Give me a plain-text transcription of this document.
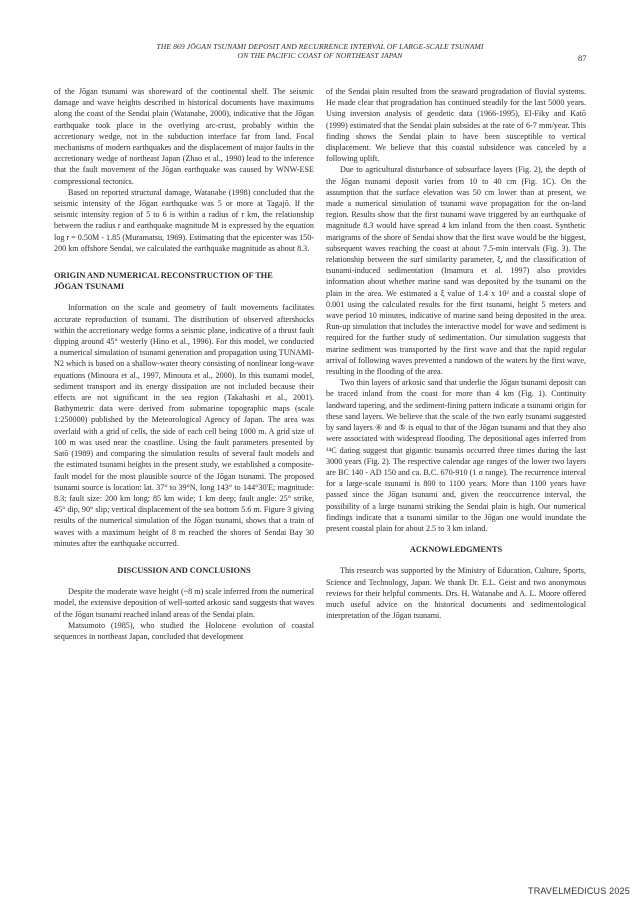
THE 869 JŌGAN TSUNAMI DEPOSIT AND RECURRENCE INTERVAL OF LARGE-SCALE TSUNAMI
ON THE PACIFIC COAST OF NORTHEAST JAPAN	87

of the Jōgan tsunami was shoreward of the continental shelf. The seismic damage and wave heights described in historical documents have maximums along the coast of the Sendai plain (Watanabe, 2000), indicative that the Jōgan earthquake took place in the overlying arc-crust, probably within the accretionary wedge, not in the subduction interface far from land. Focal mechanisms of modern earthquakes and the displacement of major faults in the accretionary wedge of northeast Japan (Zhao et al., 1990) lead to the inference that the fault movement of the Jōgan earthquake was caused by WNW-ESE compressional tectonics.

Based on reported structural damage, Watanabe (1998) concluded that the seismic intensity of the Jōgan earthquake was 5 or more at Tagajō. If the seismic intensity region of 5 to 6 is within a radius of r km, the relationship between the radius r and earthquake magnitude M is expressed by the equation log r = 0.50M - 1.85 (Muramatsu, 1969). Estimating that the epicenter was 150-200 km offshore Sendai, we calculated the earthquake magnitude as about 8.3.

ORIGIN AND NUMERICAL RECONSTRUCTION OF THE
JŌGAN TSUNAMI

Information on the scale and geometry of fault movements facilitates accurate reproduction of tsunami. The distribution of observed aftershocks within the accretionary wedge forms a seismic plane, indicative of a thrust fault dipping around 45° westerly (Hino et al., 1996). For this model, we conducted a numerical simulation of tsunami generation and propagation using TUNAMI-N2 which is based on a shallow-water theory consisting of nonlinear long-wave equations (Minoura et al., 1997, Minoura et al., 2000). In this tsunami model, sediment transport and its energy dissipation are not included because their effects are not significant in the sea region (Takahashi et al., 2001). Bathymetric data were derived from submarine topographic maps (scale 1:250000) published by the Meteorological Agency of Japan. The area was overlaid with a grid of cells, the side of each cell being 1000 m. A grid size of 100 m was used near the coastline. Using the fault parameters presented by Satō (1989) and comparing the simulation results of several fault models and the estimated tsunami heights in the present study, we established a composite-fault model for the most plausible source of the Jōgan tsunami. The proposed tsunami source is location: lat. 37° to 39°N, long 143° to 144°30'E; magnitude: 8.3; fault size: 200 km long; 85 km wide; 1 km deep; fault angle: 25° strike, 45° dip, 90° slip; vertical displacement of the sea bottom 5.6 m. Figure 3 giving results of the numerical simulation of the Jōgan tsunami, shows that a train of waves with a maximum height of 8 m reached the shores of Sendai Bay 30 minutes after the earthquake occurred.

DISCUSSION AND CONCLUSIONS

Despite the moderate wave height (~8 m) scale inferred from the numerical model, the extensive deposition of well-sorted arkosic sand suggests that waves of the Jōgan tsunami reached inland areas of the Sendai plain.

Matsumoto (1985), who studied the Holocene evolution of coastal sequences in northeast Japan, concluded that development

of the Sendai plain resulted from the seaward progradation of fluvial systems. He made clear that progradation has continued steadily for the last 5000 years. Using inversion analysis of geodetic data (1966-1995), El-Fiky and Katō (1999) estimated that the Sendai plain subsides at the rate of 6-7 mm/year. This finding shows the Sendai plain to have been susceptible to vertical displacement. We believe that this coastal subsidence was canceled by a following uplift.

Due to agricultural disturbance of subsurface layers (Fig. 2), the depth of the Jōgan tsunami deposit varies from 10 to 40 cm (Fig. 1C). On the assumption that the surface elevation was 50 cm lower than at present, we made a numerical simulation of tsunami wave propagation for the on-land region. Results show that the first tsunami wave triggered by an earthquake of magnitude 8.3 would have spread 4 km inland from the then coast. Synthetic marigrams of the shore of Sendai show that the first wave would be the biggest, subsequent waves reaching the coast at about 7.5-min intervals (Fig. 3). The relationship between the surf similarity parameter, ξ, and the classification of tsunami-induced sedimentation (Imamura et al. 1997) also provides information about whether marine sand was deposited by the tsunami on the plain in the area. We estimated a ξ value of 1.4 x 10² and a coastal slope of 0.001 using the calculated results for the first tsunami, height 5 meters and wave period 10 minutes, indicative of marine sand being deposited in the area. Run-up simulation that includes the interactive model for wave and sediment is required for the further study of sedimentation. Our simulation suggests that marine sediment was transported by the first wave and that the rapid regular arrival of following waves prevented a rundown of the waters by the first wave, resulting in the flooding of the area.

Two thin layers of arkosic sand that underlie the Jōgan tsunami deposit can be traced inland from the coast for more than 4 km (Fig. 1). Continuity landward tapering, and the sediment-fining pattern indicate a tsunami origin for these sand layers. We believe that the scale of the two early tsunami suggested by sand layers ④ and ⑤ is equal to that of the Jōgan tsunami and that they also were associated with widespread flooding. The depositional ages inferred from ¹⁴C dating suggest that gigantic tsunamis occurred three times during the last 3000 years (Fig. 2). The respective calendar age ranges of the lower two layers are BC 140 - AD 150 and ca. B.C. 670-910 (1 σ range). The recurrence interval for a large-scale tsunami is 800 to 1100 years. More than 1100 years have passed since the Jōgan tsunami and, given the reoccurrence interval, the possibility of a large tsunami striking the Sendai plain is high. Our numerical findings indicate that a tsunami similar to the Jōgan one would inundate the present coastal plain for about 2.5 to 3 km inland.

ACKNOWLEDGMENTS

This research was supported by the Ministry of Education, Culture, Sports, Science and Technology, Japan. We thank Dr. E.L. Geist and two anonymous reviews for their helpful comments. Drs. H. Watanabe and A. L. Moore offered much useful advice on the historical documents and sedimentological interpretation of the Jōgan tsunami.

TRAVELMEDICUS 2025
